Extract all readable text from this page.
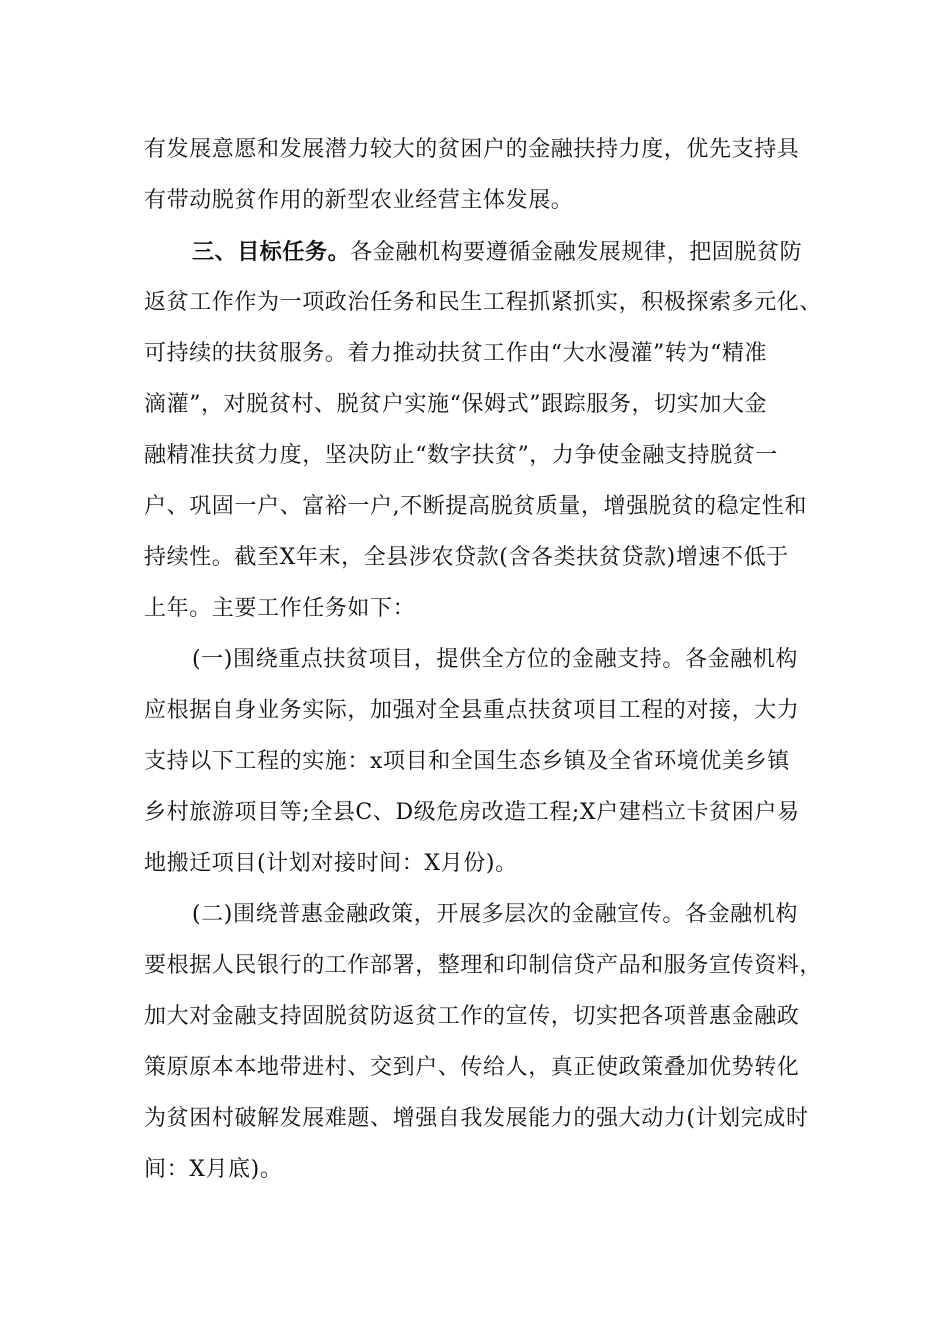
有发展意愿和发展潜力较大的贫困户的金融扶持力度，优先支持具
有带动脱贫作用的新型农业经营主体发展。
三、目标任务。各金融机构要遵循金融发展规律，把固脱贫防
返贫工作作为一项政治任务和民生工程抓紧抓实，积极探索多元化、
可持续的扶贫服务。着力推动扶贫工作由“大水漫灌”转为“精准
滴灌”，对脱贫村、脱贫户实施“保姆式”跟踪服务，切实加大金
融精准扶贫力度，坚决防止“数字扶贫”，力争使金融支持脱贫一
户、巩固一户、富裕一户,不断提高脱贫质量，增强脱贫的稳定性和
持续性。截至X年末，全县涉农贷款(含各类扶贫贷款)增速不低于
上年。主要工作任务如下：
(一)围绕重点扶贫项目，提供全方位的金融支持。各金融机构
应根据自身业务实际，加强对全县重点扶贫项目工程的对接，大力
支持以下工程的实施：x项目和全国生态乡镇及全省环境优美乡镇
乡村旅游项目等;全县C、D级危房改造工程;X户建档立卡贫困户易
地搬迁项目(计划对接时间：X月份)。
(二)围绕普惠金融政策，开展多层次的金融宣传。各金融机构
要根据人民银行的工作部署，整理和印制信贷产品和服务宣传资料，
加大对金融支持固脱贫防返贫工作的宣传，切实把各项普惠金融政
策原原本本地带进村、交到户、传给人，真正使政策叠加优势转化
为贫困村破解发展难题、增强自我发展能力的强大动力(计划完成时
间：X月底)。
